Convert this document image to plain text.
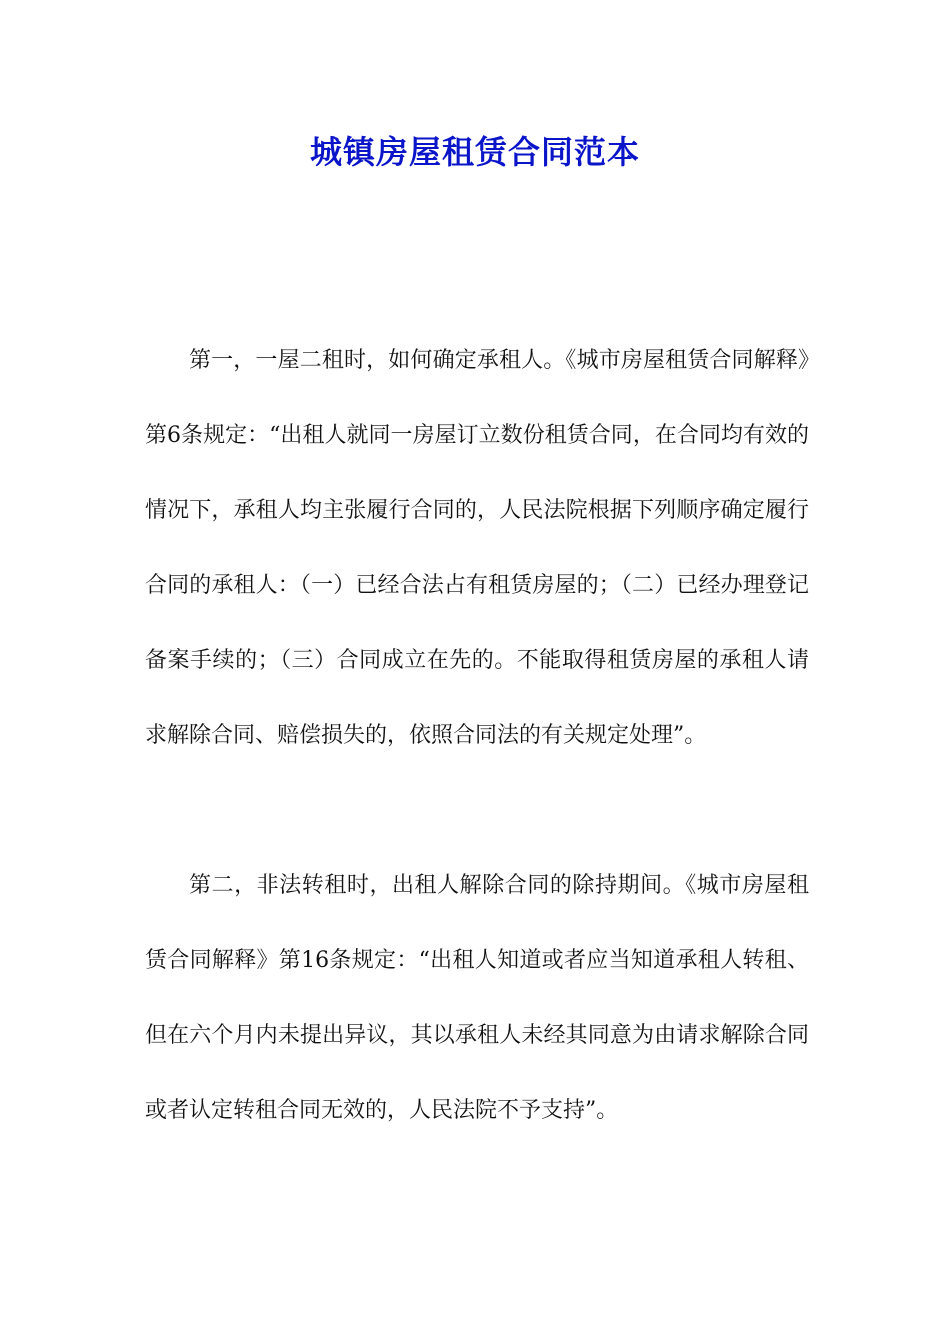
城镇房屋租赁合同范本

第一，一屋二租时，如何确定承租人。《城市房屋租赁合同解释》第6条规定：“出租人就同一房屋订立数份租赁合同，在合同均有效的情况下，承租人均主张履行合同的，人民法院根据下列顺序确定履行合同的承租人：（一）已经合法占有租赁房屋的；（二）已经办理登记备案手续的；（三）合同成立在先的。不能取得租赁房屋的承租人请求解除合同、赔偿损失的，依照合同法的有关规定处理”。

第二，非法转租时，出租人解除合同的除持期间。《城市房屋租赁合同解释》第16条规定：“出租人知道或者应当知道承租人转租、但在六个月内未提出异议，其以承租人未经其同意为由请求解除合同或者认定转租合同无效的，人民法院不予支持”。
